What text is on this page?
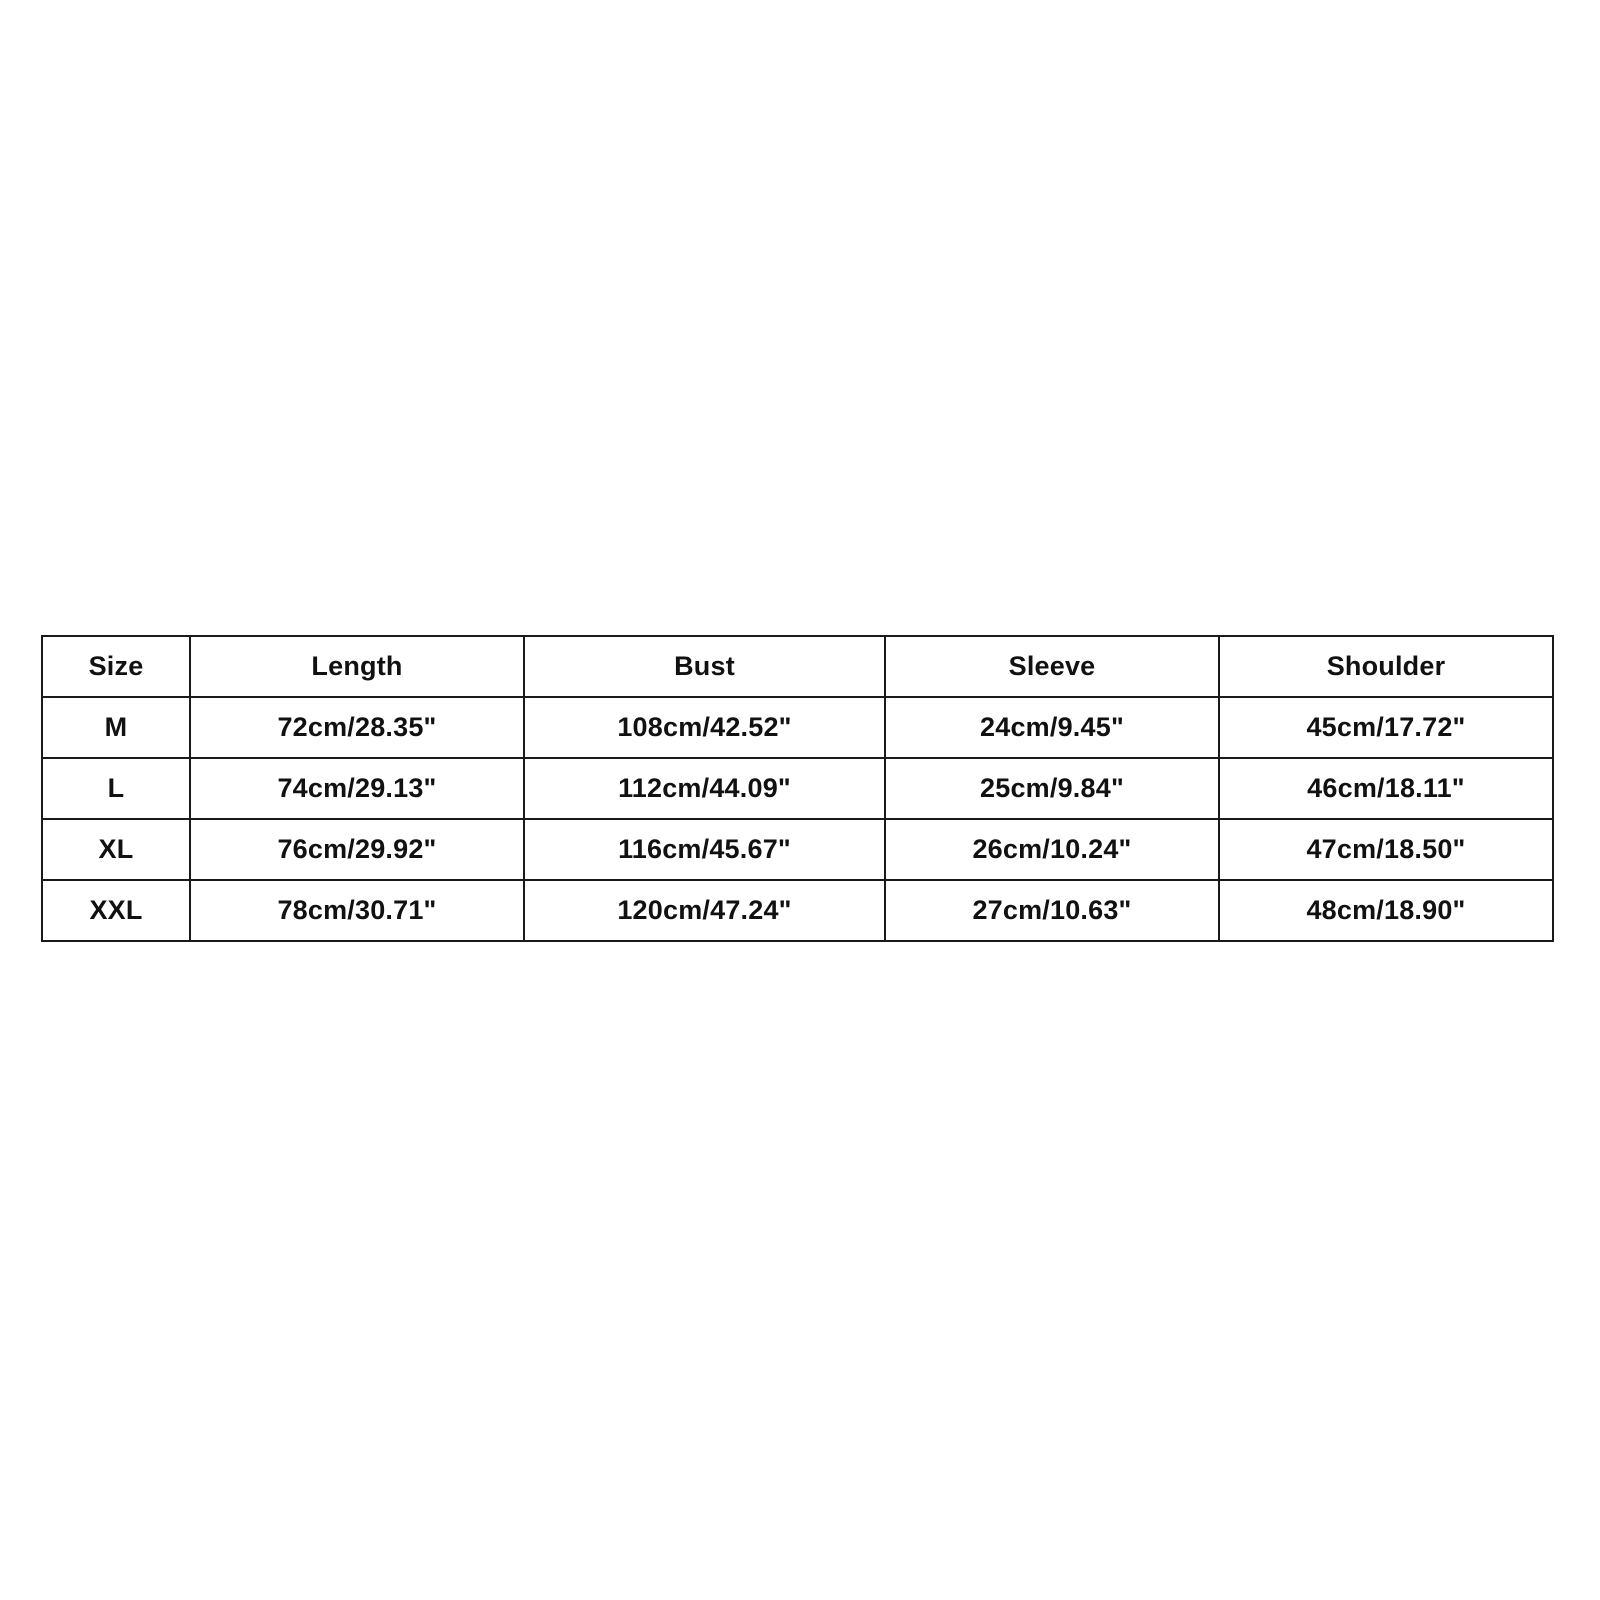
Size	Length	Bust	Sleeve	Shoulder
M	72cm/28.35"	108cm/42.52"	24cm/9.45"	45cm/17.72"
L	74cm/29.13"	112cm/44.09"	25cm/9.84"	46cm/18.11"
XL	76cm/29.92"	116cm/45.67"	26cm/10.24"	47cm/18.50"
XXL	78cm/30.71"	120cm/47.24"	27cm/10.63"	48cm/18.90"
